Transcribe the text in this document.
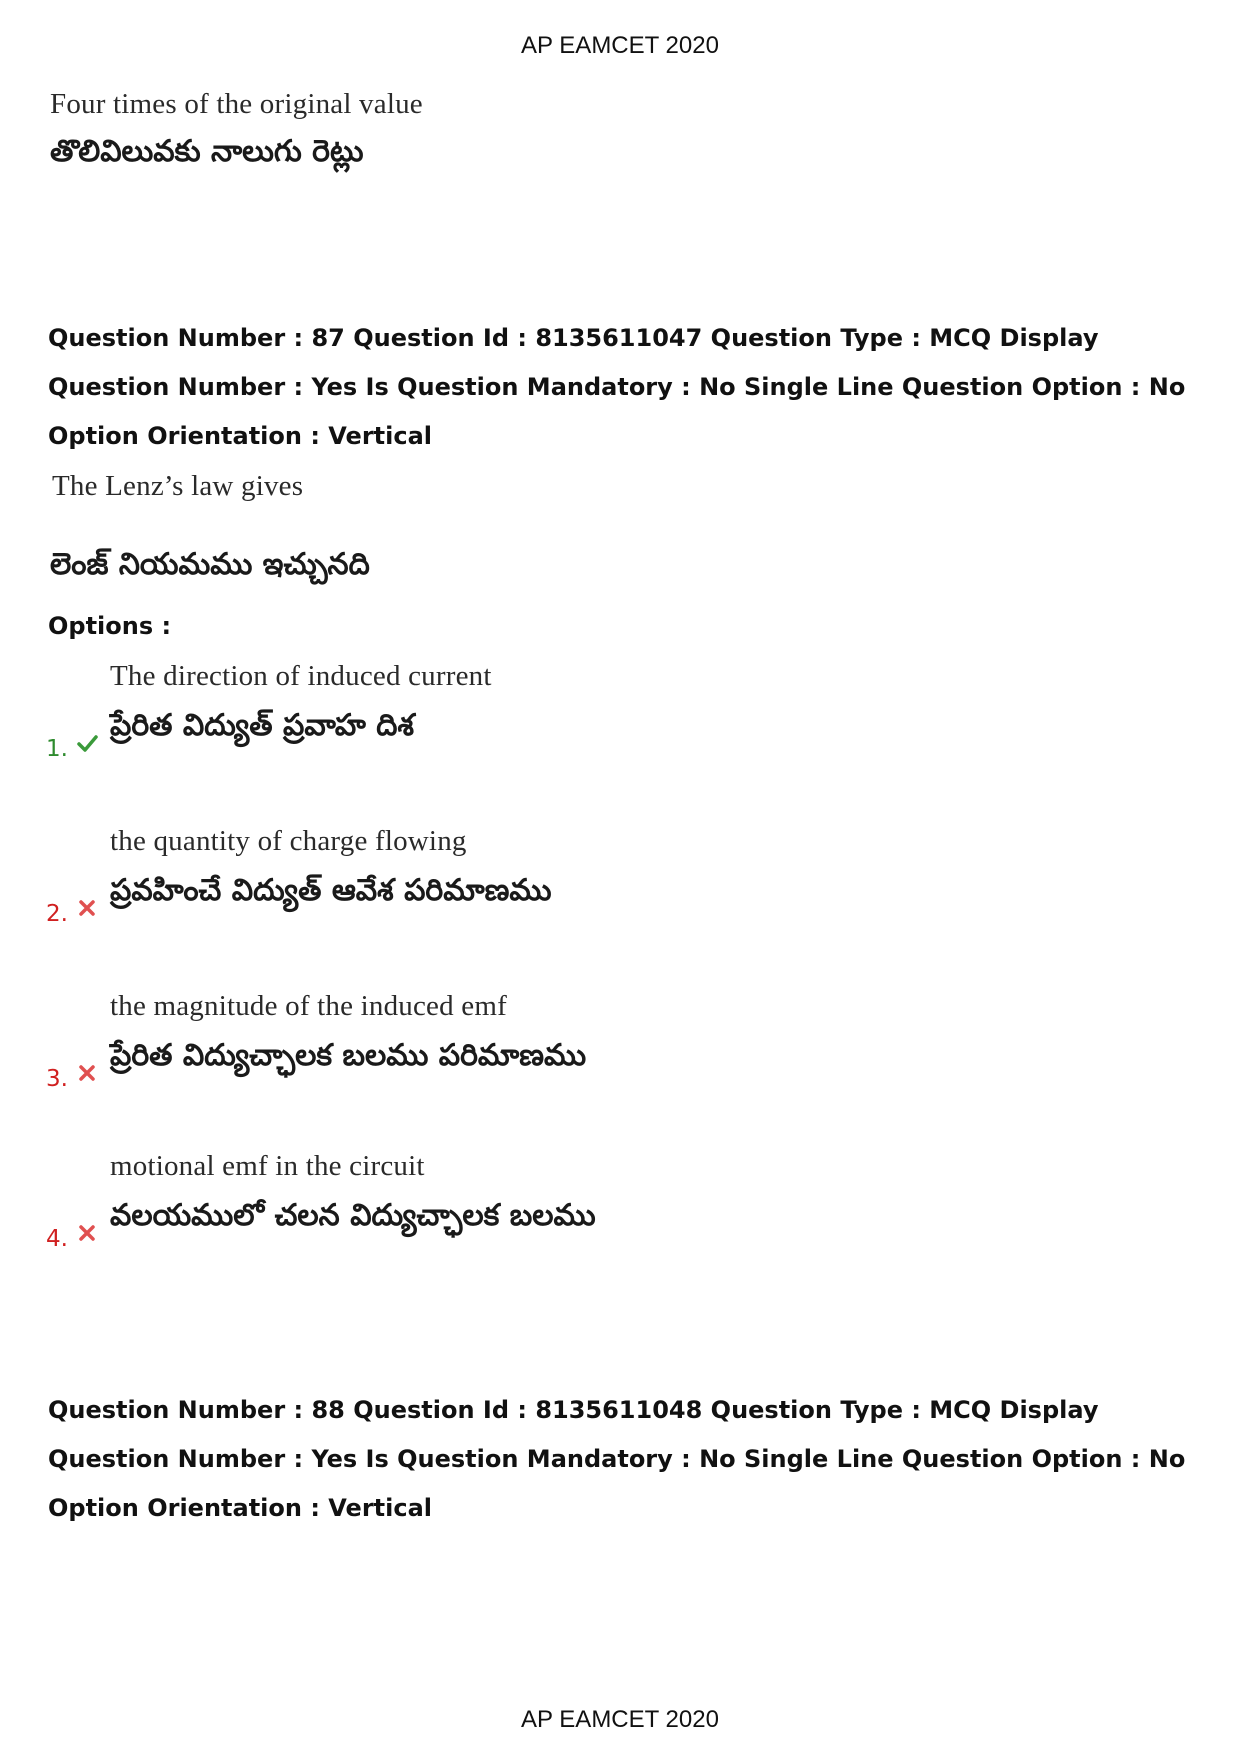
AP EAMCET 2020
Four times of the original value
తొలివిలువకు నాలుగు రెట్లు
Question Number : 87 Question Id : 8135611047 Question Type : MCQ Display Question Number : Yes Is Question Mandatory : No Single Line Question Option : No Option Orientation : Vertical
The Lenz’s law gives
లెంజ్ నియమము ఇచ్చునది
Options :
1.
The direction of induced current
ప్రేరిత విద్యుత్ ప్రవాహ దిశ
2.
the quantity of charge flowing
ప్రవహించే విద్యుత్ ఆవేశ పరిమాణము
3.
the magnitude of the induced emf
ప్రేరిత విద్యుచ్ఛాలక బలము పరిమాణము
4.
motional emf in the circuit
వలయములో చలన విద్యుచ్ఛాలక బలము
Question Number : 88 Question Id : 8135611048 Question Type : MCQ Display Question Number : Yes Is Question Mandatory : No Single Line Question Option : No Option Orientation : Vertical
AP EAMCET 2020
